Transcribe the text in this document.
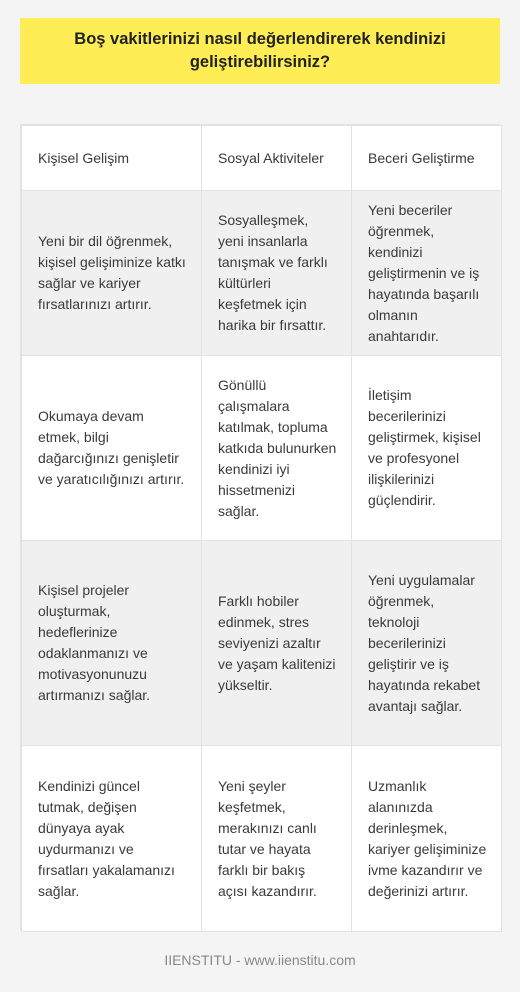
Boş vakitlerinizi nasıl değerlendirerek kendinizi geliştirebilirsiniz?
Kişisel Gelişim	Sosyal Aktiviteler	Beceri Geliştirme
Yeni bir dil öğrenmek, kişisel gelişiminize katkı sağlar ve kariyer fırsatlarınızı artırır.	Sosyalleşmek, yeni insanlarla tanışmak ve farklı kültürleri keşfetmek için harika bir fırsattır.	Yeni beceriler öğrenmek, kendinizi geliştirmenin ve iş hayatında başarılı olmanın anahtarıdır.
Okumaya devam etmek, bilgi dağarcığınızı genişletir ve yaratıcılığınızı artırır.	Gönüllü çalışmalara katılmak, topluma katkıda bulunurken kendinizi iyi hissetmenizi sağlar.	İletişim becerilerinizi geliştirmek, kişisel ve profesyonel ilişkilerinizi güçlendirir.
Kişisel projeler oluşturmak, hedeflerinize odaklanmanızı ve motivasyonunuzu artırmanızı sağlar.	Farklı hobiler edinmek, stres seviyenizi azaltır ve yaşam kalitenizi yükseltir.	Yeni uygulamalar öğrenmek, teknoloji becerilerinizi geliştirir ve iş hayatında rekabet avantajı sağlar.
Kendinizi güncel tutmak, değişen dünyaya ayak uydurmanızı ve fırsatları yakalamanızı sağlar.	Yeni şeyler keşfetmek, merakınızı canlı tutar ve hayata farklı bir bakış açısı kazandırır.	Uzmanlık alanınızda derinleşmek, kariyer gelişiminize ivme kazandırır ve değerinizi artırır.
IIENSTITU - www.iienstitu.com
